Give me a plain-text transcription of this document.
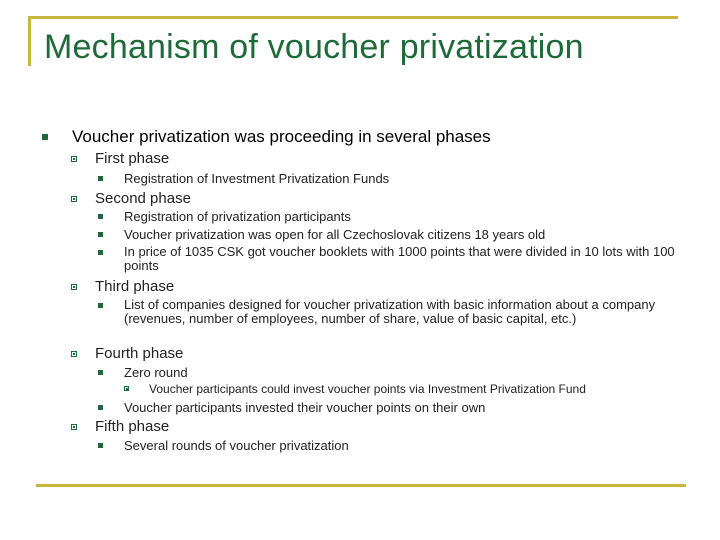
Mechanism of voucher privatization
Voucher privatization was proceeding in several phases
First phase
Registration of Investment Privatization Funds
Second phase
Registration of privatization participants
Voucher privatization was open for all Czechoslovak citizens 18 years old
In price of 1035 CSK got voucher booklets with 1000 points that were divided in 10 lots with 100 points
Third phase
List of companies designed for voucher privatization with basic information about a company (revenues, number of employees, number of share, value of basic capital, etc.)
Fourth phase
Zero round
Voucher participants could invest voucher points via Investment Privatization Fund
Voucher participants invested their voucher points on their own
Fifth phase
Several rounds of voucher privatization
